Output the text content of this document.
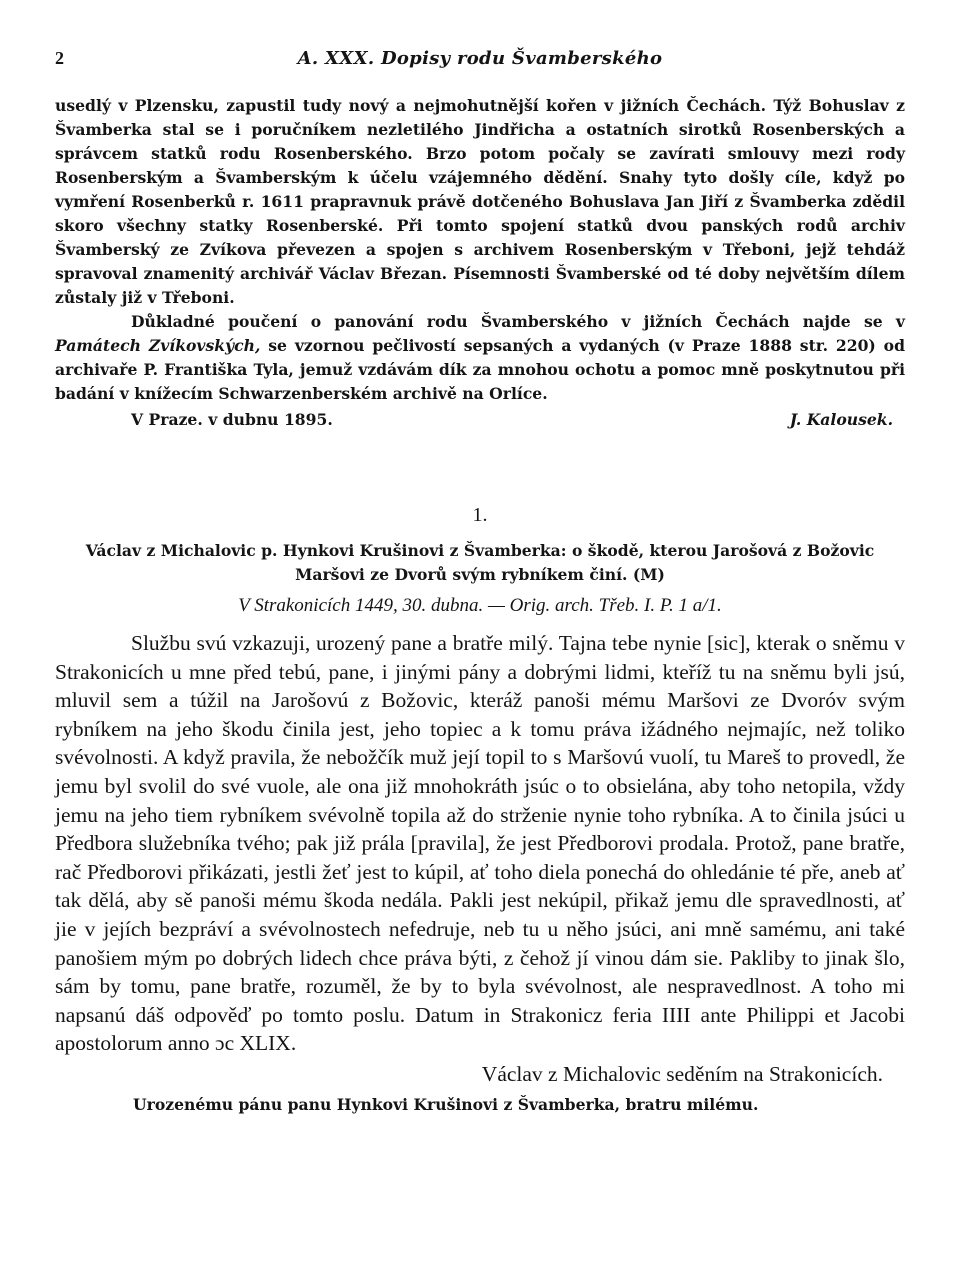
2	A. XXX. Dopisy rodu Švamberského

usedlý v Plzensku, zapustil tudy nový a nejmohutnější kořen v jižních Čechách. Týž Bohuslav z Švamberka stal se i poručníkem nezletilého Jindřicha a ostatních sirotků Rosenberských a správcem statků rodu Rosenberského. Brzo potom počaly se zavírati smlouvy mezi rody Rosenberským a Švamberským k účelu vzájemného dědění. Snahy tyto došly cíle, když po vymření Rosenberků r. 1611 prapravnuk právě dotčeného Bohuslava Jan Jiří z Švamberka zdědil skoro všechny statky Rosenberské. Při tomto spojení statků dvou panských rodů archiv Švamberský ze Zvíkova převezen a spojen s archivem Rosenberským v Třeboni, jejž tehdáž spravoval znamenitý archivář Václav Březan. Písemnosti Švamberské od té doby největším dílem zůstaly již v Třeboni.

Důkladné poučení o panování rodu Švamberského v jižních Čechách najde se v Památech Zvíkovských, se vzornou pečlivostí sepsaných a vydaných (v Praze 1888 str. 220) od archivaře P. Františka Tyla, jemuž vzdávám dík za mnohou ochotu a pomoc mně poskytnutou při badání v knížecím Schwarzenberském archivě na Orlíce.

V Praze. v dubnu 1895.	J. Kalousek.
1.

Václav z Michalovic p. Hynkovi Krušinovi z Švamberka: o škodě, kterou Jarošová z Božovic

Maršovi ze Dvorů svým rybníkem činí. (M)

V Strakonicích 1449, 30. dubna. — Orig. arch. Třeb. I. P. 1 a/1.

Službu svú vzkazuji, urozený pane a bratře milý. Tajna tebe nynie [sic], kterak o sněmu v Strakonicích u mne před tebú, pane, i jinými pány a dobrými lidmi, kteříž tu na sněmu byli jsú, mluvil sem a túžil na Jarošovú z Božovic, kteráž panoši mému Maršovi ze Dvoróv svým rybníkem na jeho škodu činila jest, jeho topiec a k tomu práva ižádného nejmajíc, než toliko svévolnosti. A když pravila, že nebožčík muž její topil to s Maršovú vuolí, tu Mareš to provedl, že jemu byl svolil do své vuole, ale ona již mnohokráth jsúc o to obsielána, aby toho netopila, vždy jemu na jeho tiem rybníkem svévolně topila až do strženie nynie toho rybníka. A to činila jsúci u Předbora služebníka tvého; pak již prála [pravila], že jest Předborovi prodala. Protož, pane bratře, rač Předborovi přikázati, jestli žeť jest to kúpil, ať toho diela ponechá do ohledánie té pře, aneb ať tak dělá, aby sě panoši mému škoda nedála. Pakli jest nekúpil, přikaž jemu dle spravedlnosti, ať jie v jejích bezpráví a svévolnostech nefedruje, neb tu u něho jsúci, ani mně samému, ani také panošiem mým po dobrých lidech chce práva býti, z čehož jí vinou dám sie. Pakliby to jinak šlo, sám by tomu, pane bratře, rozuměl, že by to byla svévolnost, ale nespravedlnost. A toho mi napsanú dáš odpověď po tomto poslu. Datum in Strakonicz feria IIII ante Philippi et Jacobi apostolorum anno ɔc XLIX.

Václav z Michalovic seděním na Strakonicích.
Urozenému pánu panu Hynkovi Krušinovi z Švamberka, bratru milému.
